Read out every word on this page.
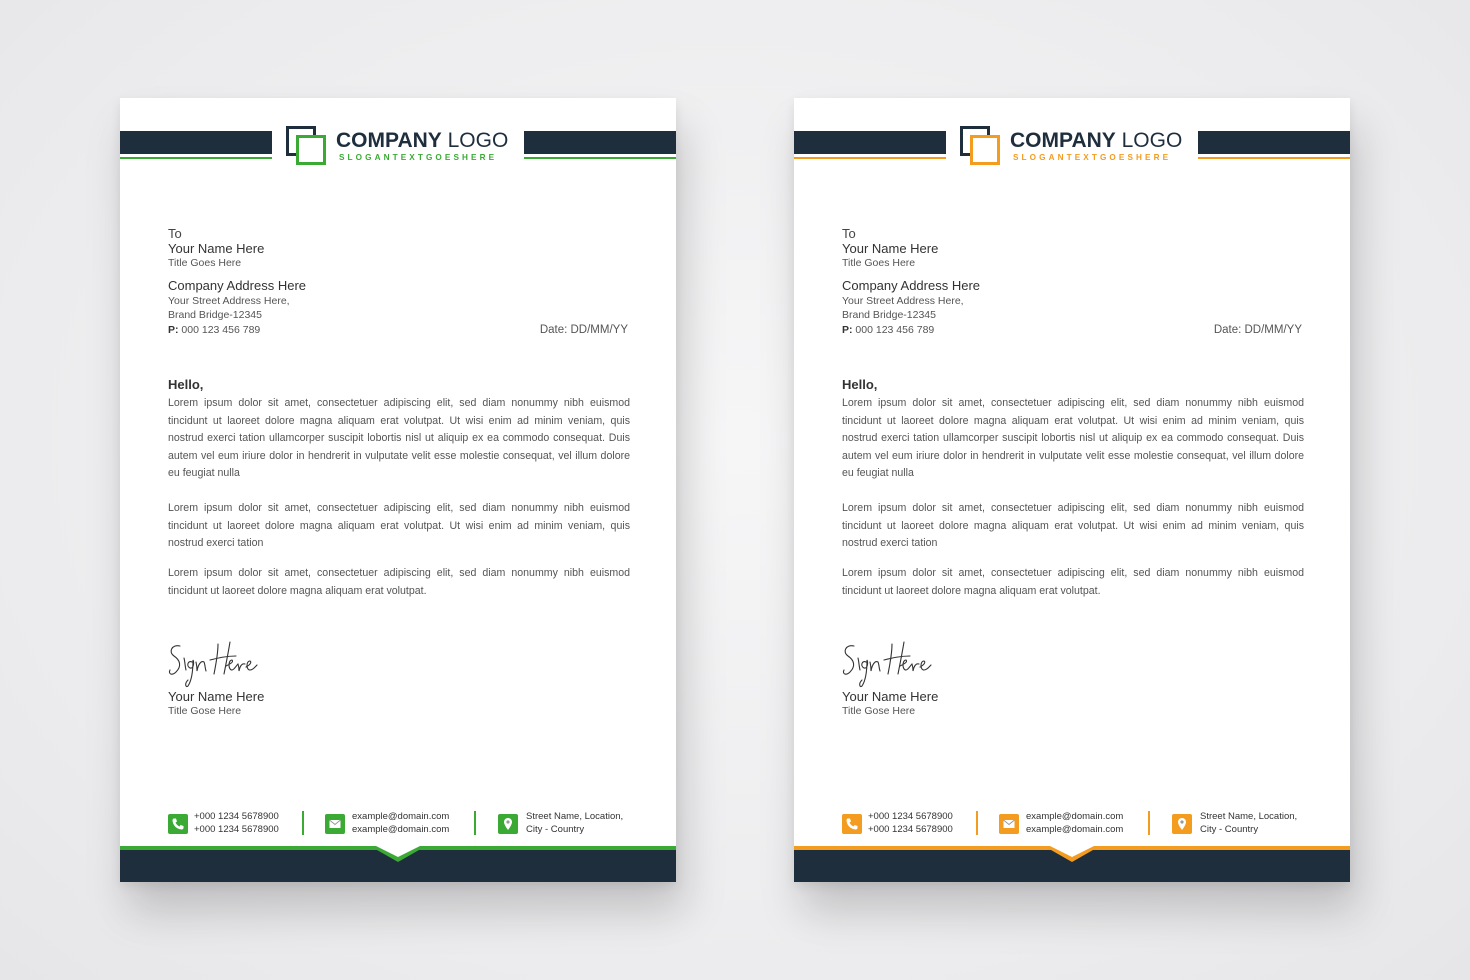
COMPANY LOGO
SLOGANTEXTGOESHERE
To
Your Name Here
Title Goes Here
Company Address Here
Your Street Address Here,
Brand Bridge-12345
P: 000 123 456 789	Date: DD/MM/YY
Hello,
Lorem ipsum dolor sit amet, consectetuer adipiscing elit, sed diam nonummy nibh euismod tincidunt ut laoreet dolore magna aliquam erat volutpat. Ut wisi enim ad minim veniam, quis nostrud exerci tation ullamcorper suscipit lobortis nisl ut aliquip ex ea commodo consequat. Duis autem vel eum iriure dolor in hendrerit in vulputate velit esse molestie consequat, vel illum dolore eu feugiat nulla
Lorem ipsum dolor sit amet, consectetuer adipiscing elit, sed diam nonummy nibh euismod tincidunt ut laoreet dolore magna aliquam erat volutpat. Ut wisi enim ad minim veniam, quis nostrud exerci tation
Lorem ipsum dolor sit amet, consectetuer adipiscing elit, sed diam nonummy nibh euismod tincidunt ut laoreet dolore magna aliquam erat volutpat.
Your Name Here
Title Gose Here
+000 1234 5678900
+000 1234 5678900
example@domain.com
example@domain.com
Street Name, Location,
City - Country
COMPANY LOGO
SLOGANTEXTGOESHERE
To
Your Name Here
Title Goes Here
Company Address Here
Your Street Address Here,
Brand Bridge-12345
P: 000 123 456 789	Date: DD/MM/YY
Hello,
Lorem ipsum dolor sit amet, consectetuer adipiscing elit, sed diam nonummy nibh euismod tincidunt ut laoreet dolore magna aliquam erat volutpat. Ut wisi enim ad minim veniam, quis nostrud exerci tation ullamcorper suscipit lobortis nisl ut aliquip ex ea commodo consequat. Duis autem vel eum iriure dolor in hendrerit in vulputate velit esse molestie consequat, vel illum dolore eu feugiat nulla
Lorem ipsum dolor sit amet, consectetuer adipiscing elit, sed diam nonummy nibh euismod tincidunt ut laoreet dolore magna aliquam erat volutpat. Ut wisi enim ad minim veniam, quis nostrud exerci tation
Lorem ipsum dolor sit amet, consectetuer adipiscing elit, sed diam nonummy nibh euismod tincidunt ut laoreet dolore magna aliquam erat volutpat.
Your Name Here
Title Gose Here
+000 1234 5678900
+000 1234 5678900
example@domain.com
example@domain.com
Street Name, Location,
City - Country
